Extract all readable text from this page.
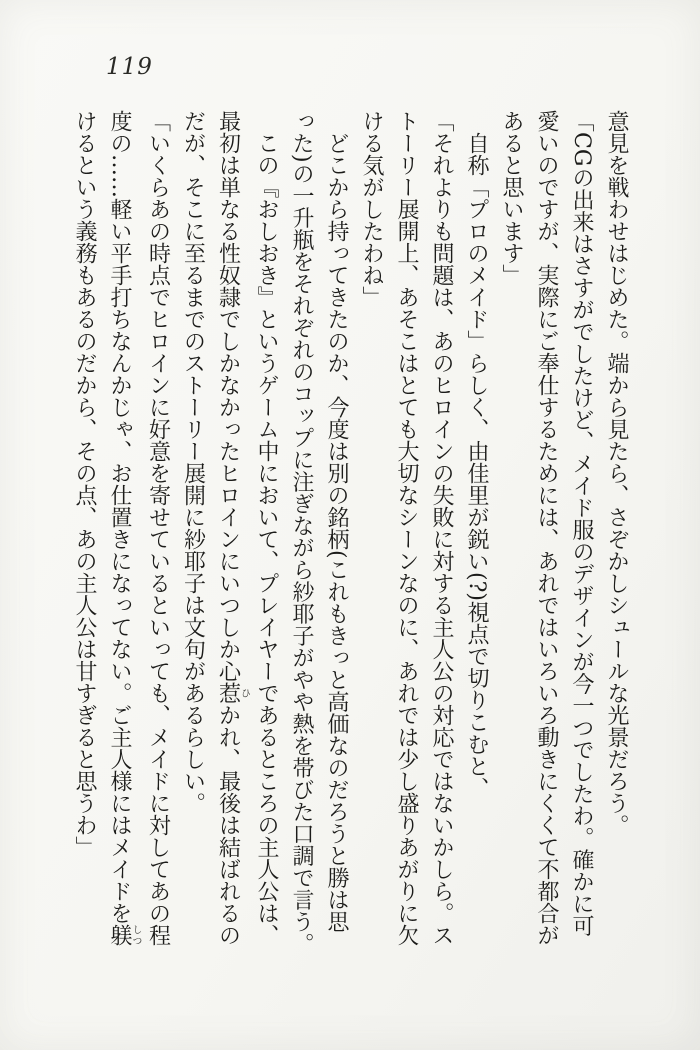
119
意見を戦わせはじめた。端から見たら、さぞかしシュールな光景だろう。
「CGの出来はさすがでしたけど、メイド服のデザインが今一つでしたわ。確かに可
愛いのですが、実際にご奉仕するためには、あれではいろいろ動きにくくて不都合が
あると思います」
自称「プロのメイド」らしく、由佳里が鋭い(?)視点で切りこむと、
「それよりも問題は、あのヒロインの失敗に対する主人公の対応ではないかしら。ス
トーリー展開上、あそこはとても大切なシーンなのに、あれでは少し盛りあがりに欠
ける気がしたわね」
どこから持ってきたのか、今度は別の銘柄(これもきっと高価なのだろうと勝は思
った)の一升瓶をそれぞれのコップに注ぎながら紗耶子がやや熱を帯びた口調で言う。
この『おしおき』というゲーム中において、プレイヤーであるところの主人公は、
最初は単なる性奴隷でしかなかったヒロインにいつしか心惹ひかれ、最後は結ばれるの
だが、そこに至るまでのストーリー展開に紗耶子は文句があるらしい。
「いくらあの時点でヒロインに好意を寄せているといっても、メイドに対してあの程
度の……軽い平手打ちなんかじゃ、お仕置きになってない。ご主人様にはメイドを躾しつ
けるという義務もあるのだから、その点、あの主人公は甘すぎると思うわ」
